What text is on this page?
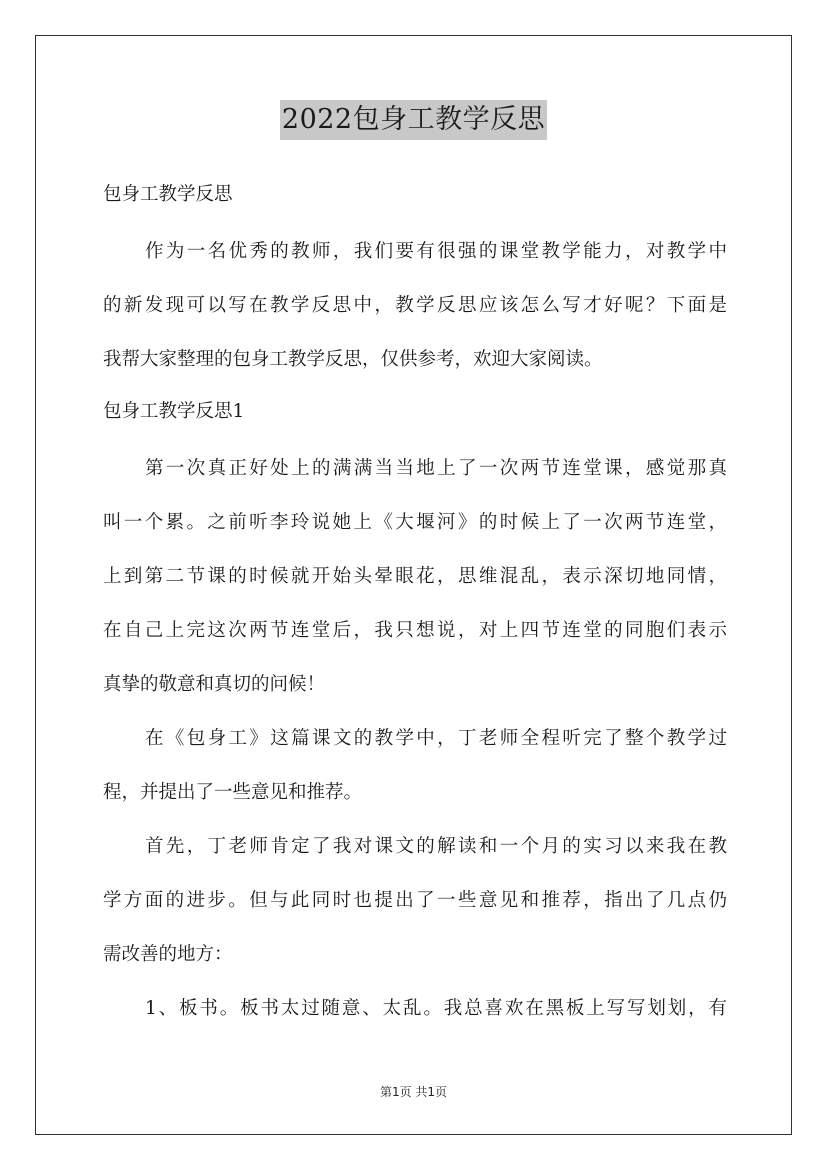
2022包身工教学反思
包身工教学反思
作为一名优秀的教师，我们要有很强的课堂教学能力，对教学中
的新发现可以写在教学反思中，教学反思应该怎么写才好呢？下面是
我帮大家整理的包身工教学反思，仅供参考，欢迎大家阅读。
包身工教学反思1
第一次真正好处上的满满当当地上了一次两节连堂课，感觉那真
叫一个累。之前听李玲说她上《大堰河》的时候上了一次两节连堂，
上到第二节课的时候就开始头晕眼花，思维混乱，表示深切地同情，
在自己上完这次两节连堂后，我只想说，对上四节连堂的同胞们表示
真挚的敬意和真切的问候！
在《包身工》这篇课文的教学中，丁老师全程听完了整个教学过
程，并提出了一些意见和推荐。
首先，丁老师肯定了我对课文的解读和一个月的实习以来我在教
学方面的进步。但与此同时也提出了一些意见和推荐，指出了几点仍
需改善的地方：
1、板书。板书太过随意、太乱。我总喜欢在黑板上写写划划，有
第1页 共1页
